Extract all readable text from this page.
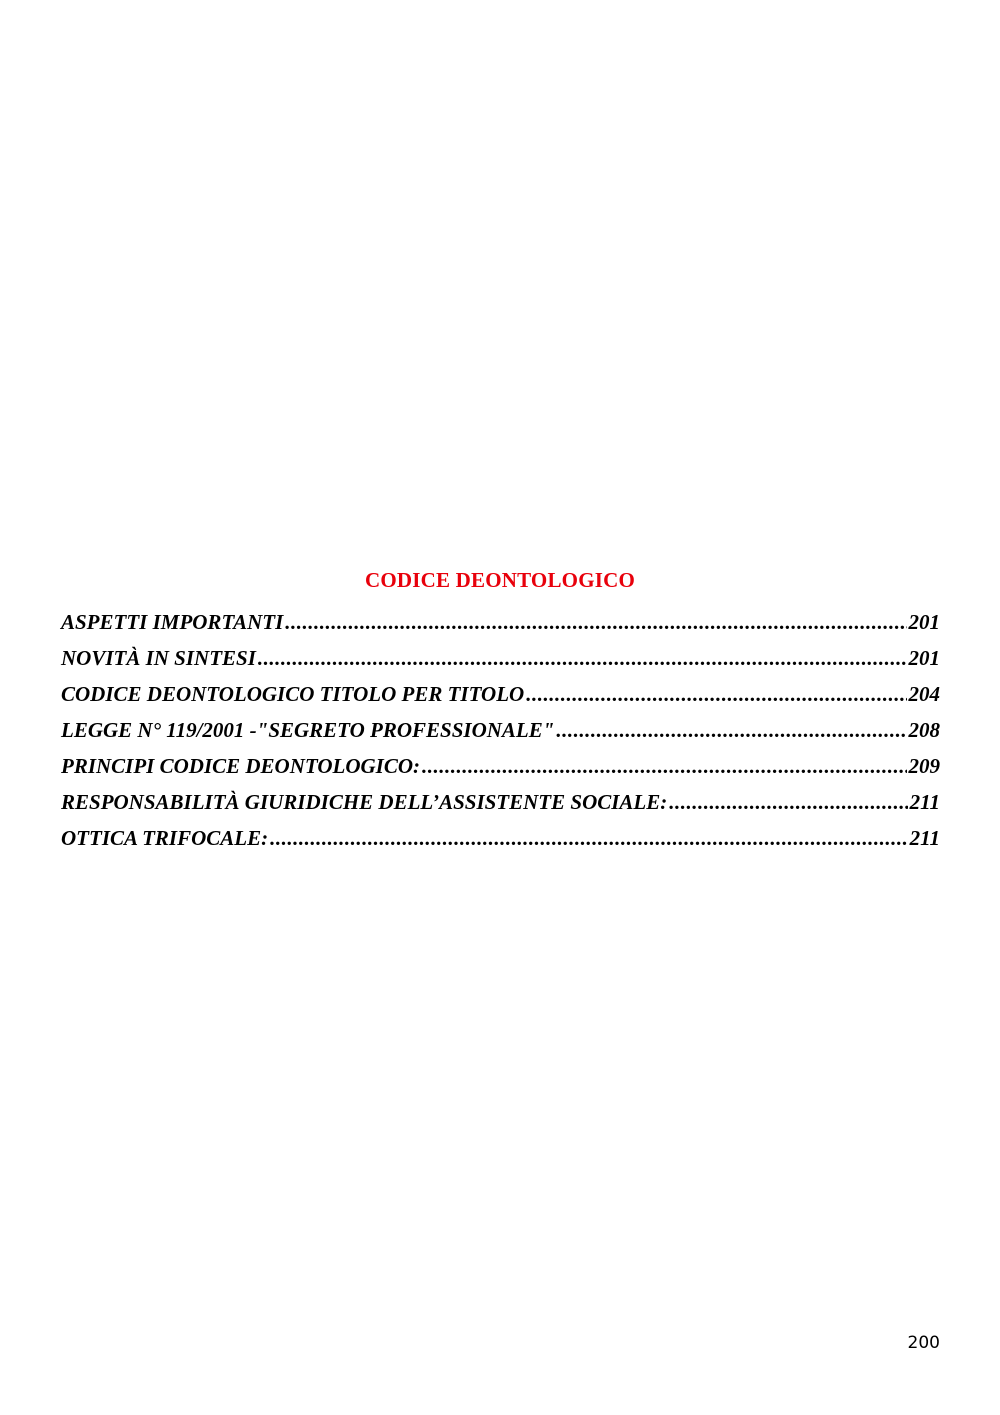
CODICE DEONTOLOGICO
ASPETTI IMPORTANTI .....	201
NOVITÀ IN SINTESI .....	201
CODICE DEONTOLOGICO TITOLO PER TITOLO .....	204
LEGGE N° 119/2001 -"SEGRETO PROFESSIONALE" .....	208
PRINCIPI CODICE DEONTOLOGICO: .....	209
RESPONSABILITÀ GIURIDICHE DELL’ASSISTENTE SOCIALE: .....	211
OTTICA TRIFOCALE: .....	211
200
